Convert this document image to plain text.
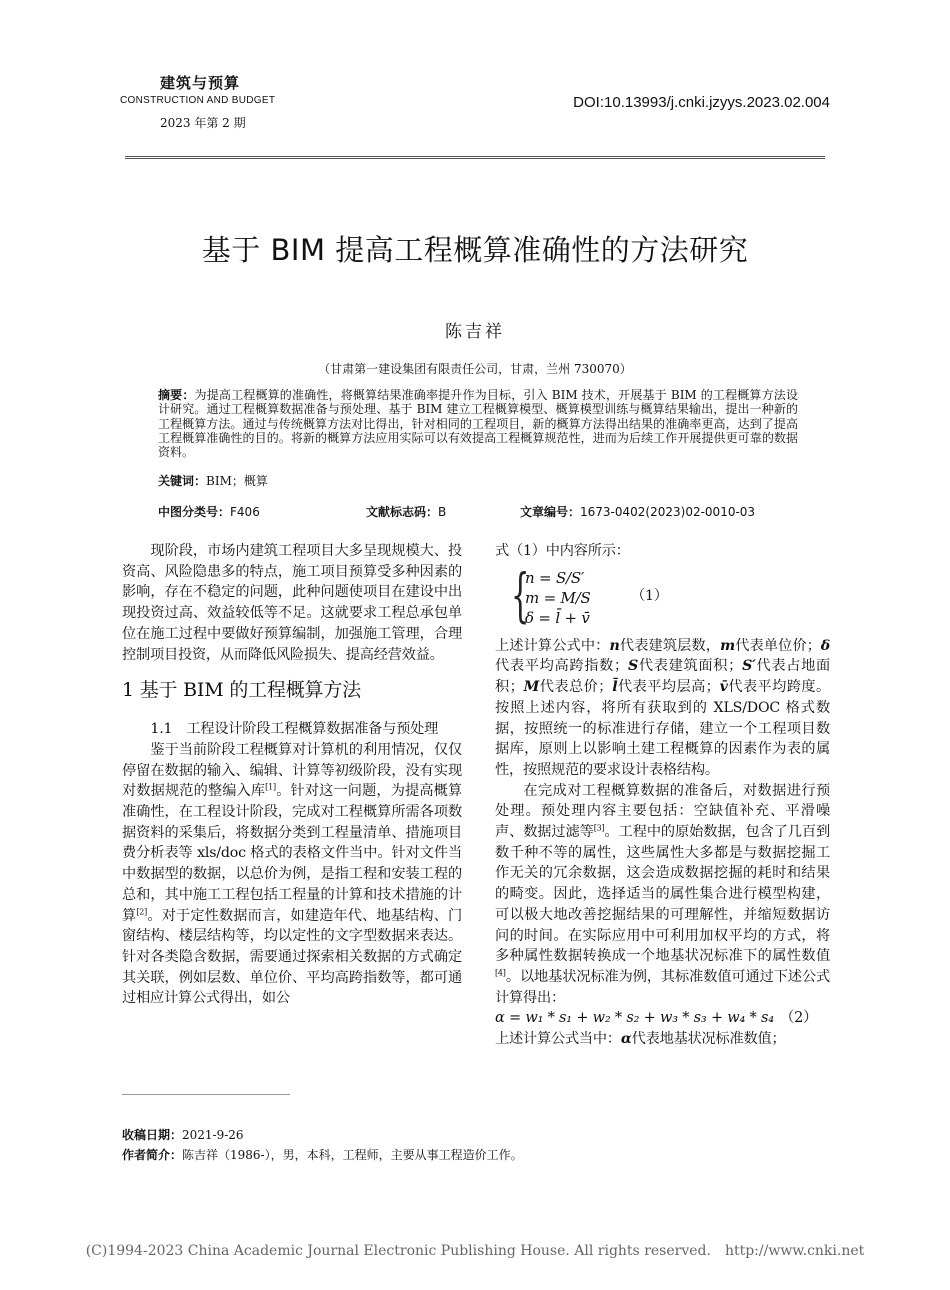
建筑与预算
CONSTRUCTION AND BUDGET
2023 年第 2 期
DOI:10.13993/j.cnki.jzyys.2023.02.004
基于 BIM 提高工程概算准确性的方法研究
陈吉祥
（甘肃第一建设集团有限责任公司，甘肃，兰州 730070）
摘要：为提高工程概算的准确性，将概算结果准确率提升作为目标，引入 BIM 技术，开展基于 BIM 的工程概算方法设计研究。通过工程概算数据准备与预处理、基于 BIM 建立工程概算模型、概算模型训练与概算结果输出，提出一种新的工程概算方法。通过与传统概算方法对比得出，针对相同的工程项目，新的概算方法得出结果的准确率更高，达到了提高工程概算准确性的目的。将新的概算方法应用实际可以有效提高工程概算规范性，进而为后续工作开展提供更可靠的数据资料。
关键词：BIM；概算
中图分类号：F406	文献标志码：B	文章编号：1673-0402(2023)02-0010-03

现阶段，市场内建筑工程项目大多呈现规模大、投资高、风险隐患多的特点，施工项目预算受多种因素的影响，存在不稳定的问题，此种问题使项目在建设中出现投资过高、效益较低等不足。这就要求工程总承包单位在施工过程中要做好预算编制，加强施工管理，合理控制项目投资，从而降低风险损失、提高经营效益。

1 基于 BIM 的工程概算方法

1.1　工程设计阶段工程概算数据准备与预处理

鉴于当前阶段工程概算对计算机的利用情况，仅仅停留在数据的输入、编辑、计算等初级阶段，没有实现对数据规范的整编入库[1]。针对这一问题，为提高概算准确性，在工程设计阶段，完成对工程概算所需各项数据资料的采集后，将数据分类到工程量清单、措施项目费分析表等 xls/doc 格式的表格文件当中。针对文件当中数据型的数据，以总价为例，是指工程和安装工程的总和，其中施工工程包括工程量的计算和技术措施的计算[2]。对于定性数据而言，如建造年代、地基结构、门窗结构、楼层结构等，均以定性的文字型数据来表达。针对各类隐含数据，需要通过探索相关数据的方式确定其关联，例如层数、单位价、平均高跨指数等，都可通过相应计算公式得出，如公

式（1）中内容所示：

{
n = S/S′
m = M/S
δ = l̄ + v̄
（1）

上述计算公式中：n代表建筑层数，m代表单位价；δ代表平均高跨指数；S代表建筑面积；S′代表占地面积；M代表总价；l̄代表平均层高；v̄代表平均跨度。按照上述内容，将所有获取到的 XLS/DOC 格式数据，按照统一的标准进行存储，建立一个工程项目数据库，原则上以影响土建工程概算的因素作为表的属性，按照规范的要求设计表格结构。

在完成对工程概算数据的准备后，对数据进行预处理。预处理内容主要包括：空缺值补充、平滑噪声、数据过滤等[3]。工程中的原始数据，包含了几百到数千种不等的属性，这些属性大多都是与数据挖掘工作无关的冗余数据，这会造成数据挖掘的耗时和结果的畸变。因此，选择适当的属性集合进行模型构建，可以极大地改善挖掘结果的可理解性，并缩短数据访问的时间。在实际应用中可利用加权平均的方式，将多种属性数据转换成一个地基状况标准下的属性数值[4]。以地基状况标准为例，其标准数值可通过下述公式计算得出：

α = w₁ * s₁ + w₂ * s₂ + w₃ * s₃ + w₄ * s₄ （2）

上述计算公式当中：α代表地基状况标准数值；

收稿日期：2021-9-26
作者简介：陈吉祥（1986-），男，本科，工程师，主要从事工程造价工作。
(C)1994-2023 China Academic Journal Electronic Publishing House. All rights reserved. http://www.cnki.net
